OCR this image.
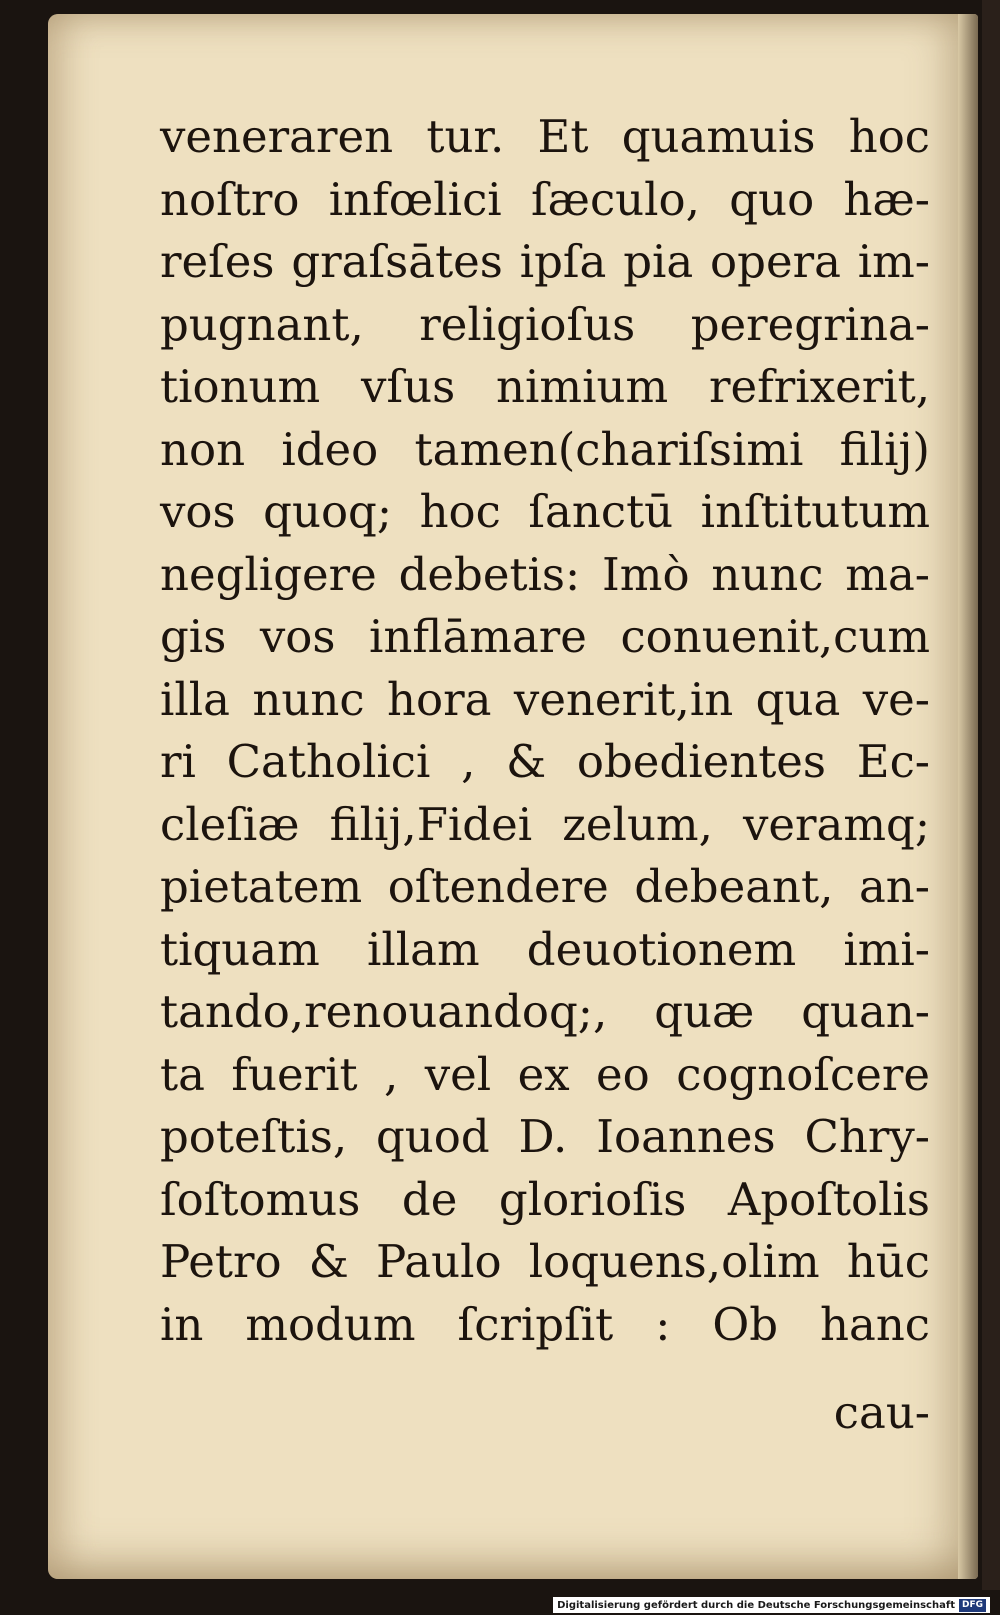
veneraren tur. Et quamuis hoc
noſtro infœlici ſæculo, quo hæ-
reſes graſsātes ipſa pia opera im-
pugnant, religioſus peregrina-
tionum vſus nimium refrixerit,
non ideo tamen(chariſsimi filij)
vos quoq; hoc ſanctū inſtitutum
negligere debetis: Imò nunc ma-
gis vos inflāmare conuenit,cum
illa nunc hora venerit,in qua ve-
ri Catholici , & obedientes Ec-
cleſiæ filij,Fidei zelum, veramq;
pietatem oſtendere debeant, an-
tiquam illam deuotionem imi-
tando,renouandoq;, quæ quan-
ta fuerit , vel ex eo cognoſcere
poteſtis, quod D. Ioannes Chry-
ſoſtomus de glorioſis Apoſtolis
Petro & Paulo loquens,olim hūc
in modum ſcripſit : Ob hanc
cau-
Digitalisierung gefördert durch die Deutsche Forschungsgemeinschaft DFG
